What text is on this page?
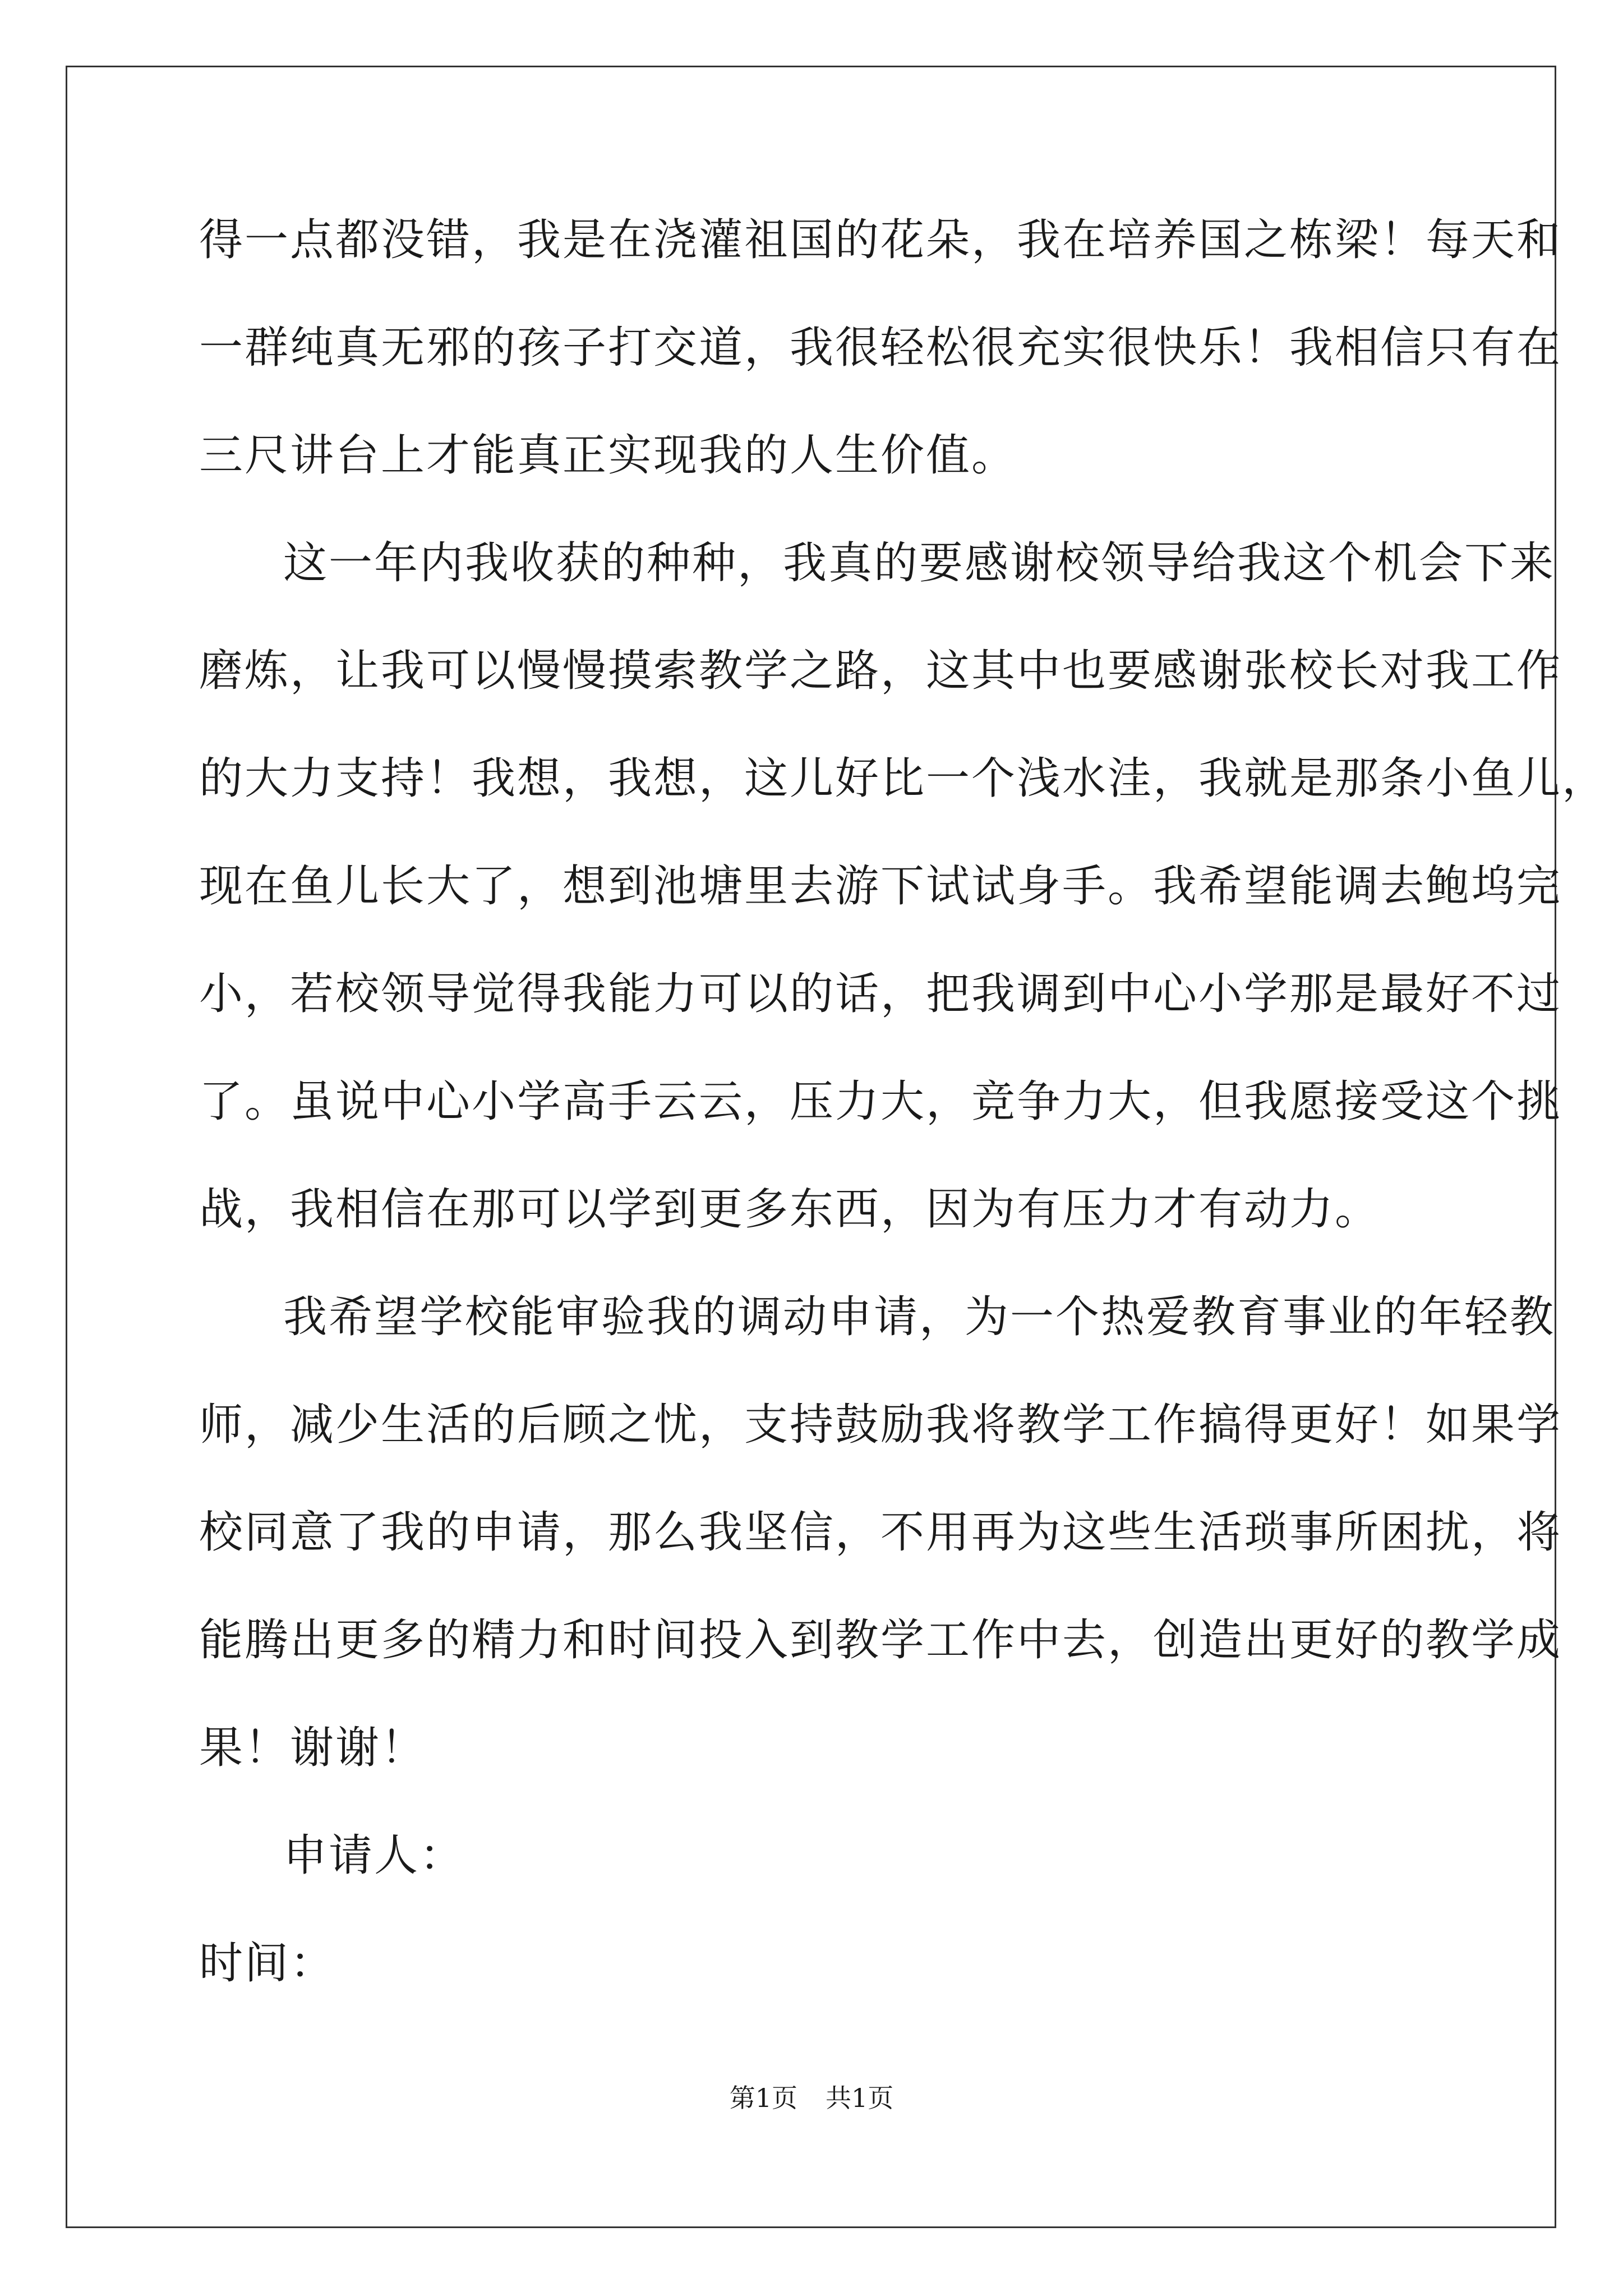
得一点都没错，我是在浇灌祖国的花朵，我在培养国之栋梁！每天和
一群纯真无邪的孩子打交道，我很轻松很充实很快乐！我相信只有在
三尺讲台上才能真正实现我的人生价值。
这一年内我收获的种种，我真的要感谢校领导给我这个机会下来
磨炼，让我可以慢慢摸索教学之路，这其中也要感谢张校长对我工作
的大力支持！我想，我想，这儿好比一个浅水洼，我就是那条小鱼儿，
现在鱼儿长大了，想到池塘里去游下试试身手。我希望能调去鲍坞完
小，若校领导觉得我能力可以的话，把我调到中心小学那是最好不过
了。虽说中心小学高手云云，压力大，竞争力大，但我愿接受这个挑
战，我相信在那可以学到更多东西，因为有压力才有动力。
我希望学校能审验我的调动申请，为一个热爱教育事业的年轻教
师，减少生活的后顾之忧，支持鼓励我将教学工作搞得更好！如果学
校同意了我的申请，那么我坚信，不用再为这些生活琐事所困扰，将
能腾出更多的精力和时间投入到教学工作中去，创造出更好的教学成
果！谢谢！
申请人：
时间：
第1页 共1页
